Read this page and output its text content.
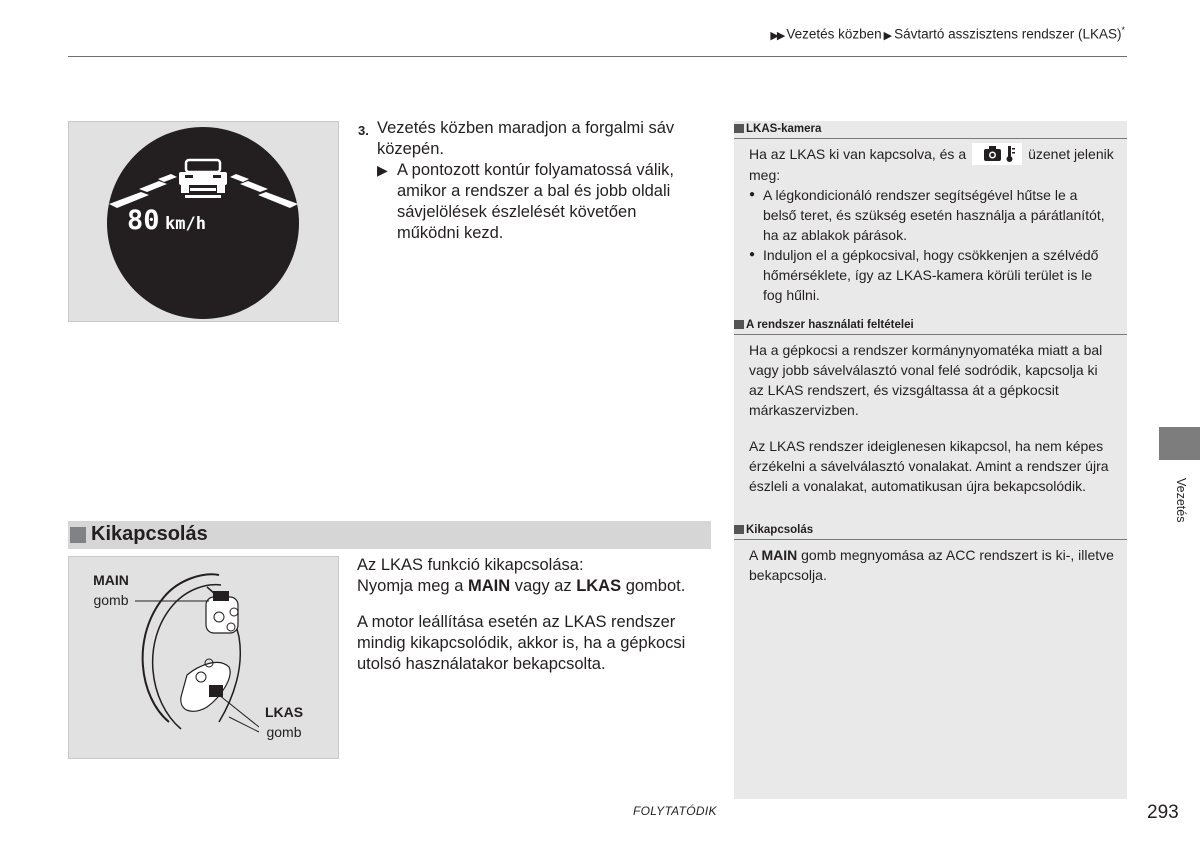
▶▶ Vezetés közben ▶ Sávtartó asszisztens rendszer (LKAS)*
80 km/h
3. Vezetés közben maradjon a forgalmi sáv közepén.
▶ A pontozott kontúr folyamatossá válik, amikor a rendszer a bal és jobb oldali sávjelölések észlelését követően működni kezd.
Kikapcsolás
MAIN
gomb
LKAS
gomb

Az LKAS funkció kikapcsolása:

Nyomja meg a MAIN vagy az LKAS gombot.

A motor leállítása esetén az LKAS rendszer mindig kikapcsolódik, akkor is, ha a gépkocsi utolsó használatakor bekapcsolta.

LKAS-kamera

Ha az LKAS ki van kapcsolva, és a	üzenet jelenik meg:

● A légkondicionáló rendszer segítségével hűtse le a belső teret, és szükség esetén használja a párátlanítót, ha az ablakok párások.
● Induljon el a gépkocsival, hogy csökkenjen a szélvédő hőmérséklete, így az LKAS-kamera körüli terület is le fog hűlni.
A rendszer használati feltételei

Ha a gépkocsi a rendszer kormánynyomatéka miatt a bal vagy jobb sávelválasztó vonal felé sodródik, kapcsolja ki az LKAS rendszert, és vizsgáltassa át a gépkocsit márkaszervizben.

Az LKAS rendszer ideiglenesen kikapcsol, ha nem képes érzékelni a sávelválasztó vonalakat. Amint a rendszer újra észleli a vonalakat, automatikusan újra bekapcsolódik.

Kikapcsolás

A MAIN gomb megnyomása az ACC rendszert is ki-, illetve bekapcsolja.

Vezetés
FOLYTATÓDIK	293
